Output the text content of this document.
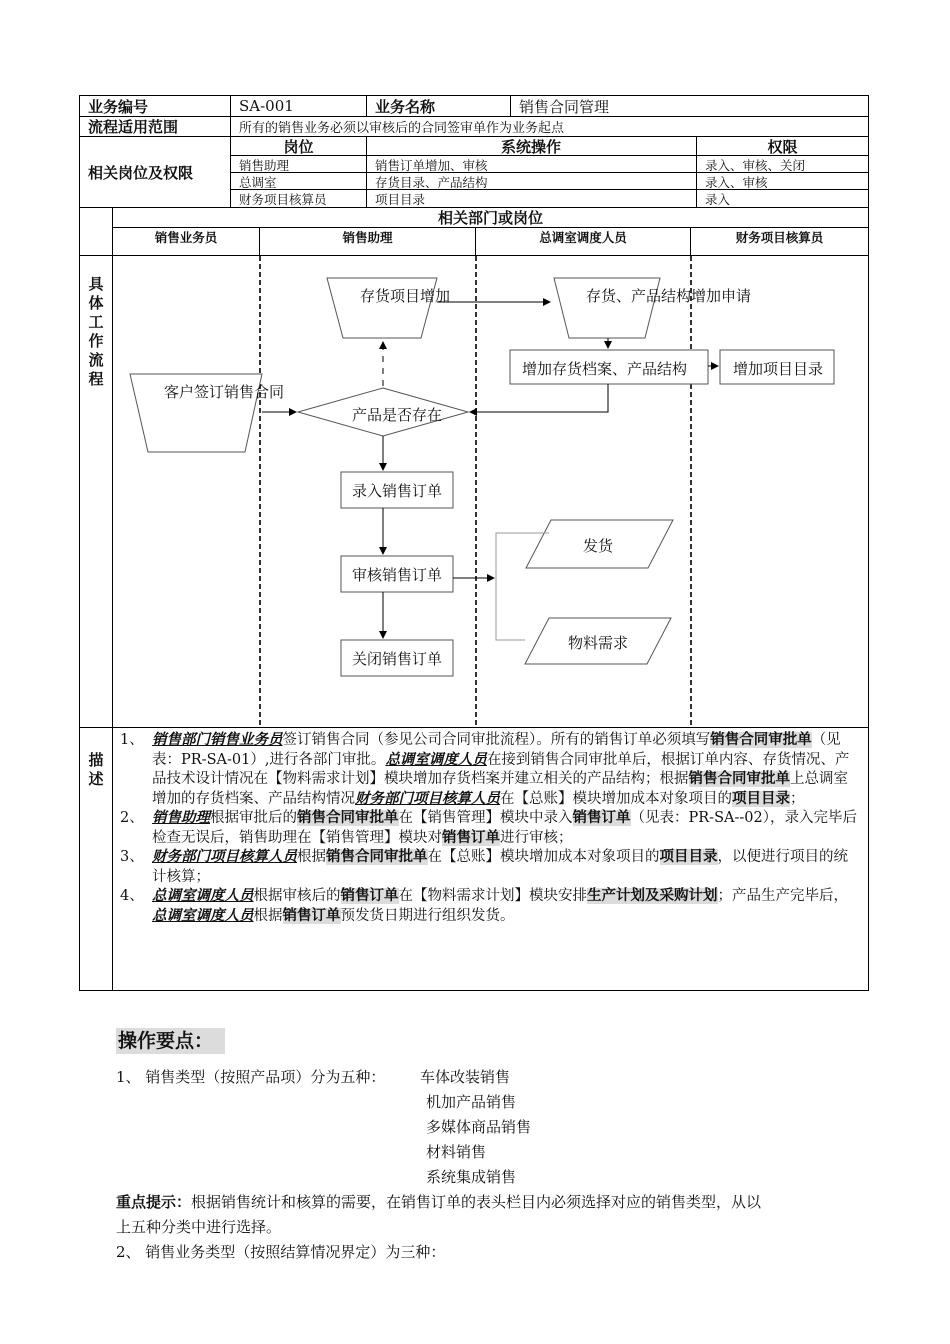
业务编号	SA-001	业务名称	销售合同管理
流程适用范围	所有的销售业务必须以审核后的合同签审单作为业务起点
相关岗位及权限
岗位	系统操作	权限
销售助理	销售订单增加、审核	录入、审核、关闭
总调室	存货目录、产品结构	录入、审核
财务项目核算员	项目目录	录入
相关部门或岗位
销售业务员	销售助理	总调室调度人员	财务项目核算员
具
体
工
作
流
程
客户签订销售合同
产品是否存在
存货项目增加	存货、产品结构增加申请
增加存货档案、产品结构	增加项目目录
录入销售订单
审核销售订单
关闭销售订单
发货
物料需求
描
述

1、 销售部门销售业务员签订销售合同（参见公司合同审批流程）。所有的销售订单必须填写销售合同审批单（见表：PR-SA-01）,进行各部门审批。总调室调度人员在接到销售合同审批单后，根据订单内容、存货情况、产品技术设计情况在【物料需求计划】模块增加存货档案并建立相关的产品结构；根据销售合同审批单上总调室增加的存货档案、产品结构情况财务部门项目核算人员在【总账】模块增加成本对象项目的项目目录；

2、 销售助理根据审批后的销售合同审批单在【销售管理】模块中录入销售订单（见表：PR-SA--02），录入完毕后检查无误后，销售助理在【销售管理】模块对销售订单进行审核；

3、 财务部门项目核算人员根据销售合同审批单在【总账】模块增加成本对象项目的项目目录，以便进行项目的统计核算；

4、 总调室调度人员根据审核后的销售订单在【物料需求计划】模块安排生产计划及采购计划；产品生产完毕后，总调室调度人员根据销售订单预发货日期进行组织发货。

操作要点：
1、 销售类型（按照产品项）分为五种： 车体改装销售
机加产品销售
多媒体商品销售
材料销售
系统集成销售
重点提示：根据销售统计和核算的需要，在销售订单的表头栏目内必须选择对应的销售类型，从以
上五种分类中进行选择。
2、 销售业务类型（按照结算情况界定）为三种：
